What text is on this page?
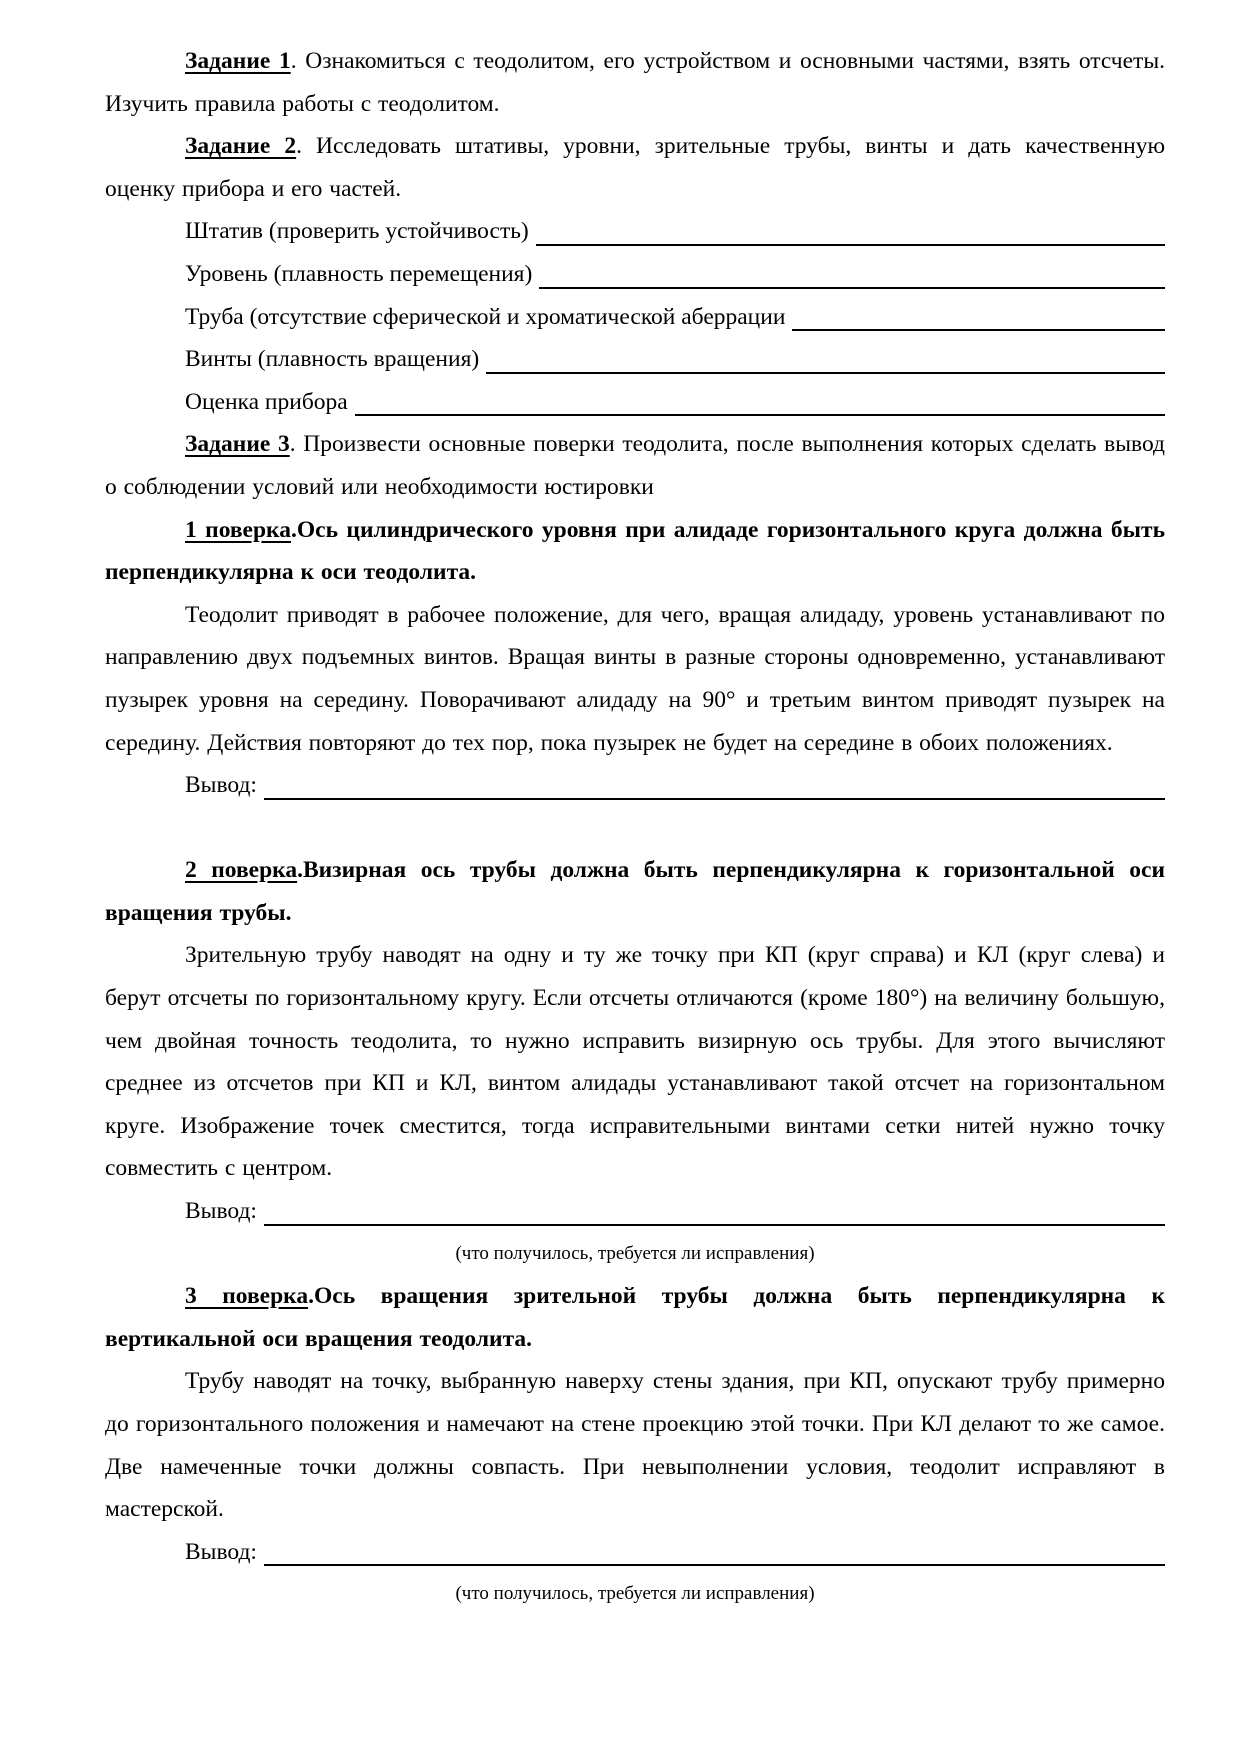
Задание 1. Ознакомиться с теодолитом, его устройством и основными частями, взять отсчеты. Изучить правила работы с теодолитом.

Задание 2. Исследовать штативы, уровни, зрительные трубы, винты и дать качественную оценку прибора и его частей.

Штатив (проверить устойчивость)
Уровень (плавность перемещения)
Труба (отсутствие сферической и хроматической аберрации
Винты (плавность вращения)
Оценка прибора

Задание 3. Произвести основные поверки теодолита, после выполнения которых сделать вывод о соблюдении условий или необходимости юстировки

1 поверка.Ось цилиндрического уровня при алидаде горизонтального круга должна быть перпендикулярна к оси теодолита.

Теодолит приводят в рабочее положение, для чего, вращая алидаду, уровень устанавливают по направлению двух подъемных винтов. Вращая винты в разные стороны одновременно, устанавливают пузырек уровня на середину. Поворачивают алидаду на 90° и третьим винтом приводят пузырек на середину. Действия повторяют до тех пор, пока пузырек не будет на середине в обоих положениях.

Вывод:

2 поверка.Визирная ось трубы должна быть перпендикулярна к горизонтальной оси вращения трубы.

Зрительную трубу наводят на одну и ту же точку при КП (круг справа) и КЛ (круг слева) и берут отсчеты по горизонтальному кругу. Если отсчеты отличаются (кроме 180°) на величину большую, чем двойная точность теодолита, то нужно исправить визирную ось трубы. Для этого вычисляют среднее из отсчетов при КП и КЛ, винтом алидады устанавливают такой отсчет на горизонтальном круге. Изображение точек сместится, тогда исправительными винтами сетки нитей нужно точку совместить с центром.

Вывод:

(что получилось, требуется ли исправления)

3 поверка.Ось вращения зрительной трубы должна быть перпендикулярна к вертикальной оси вращения теодолита.

Трубу наводят на точку, выбранную наверху стены здания, при КП, опускают трубу примерно до горизонтального положения и намечают на стене проекцию этой точки. При КЛ делают то же самое. Две намеченные точки должны совпасть. При невыполнении условия, теодолит исправляют в мастерской.

Вывод:

(что получилось, требуется ли исправления)
